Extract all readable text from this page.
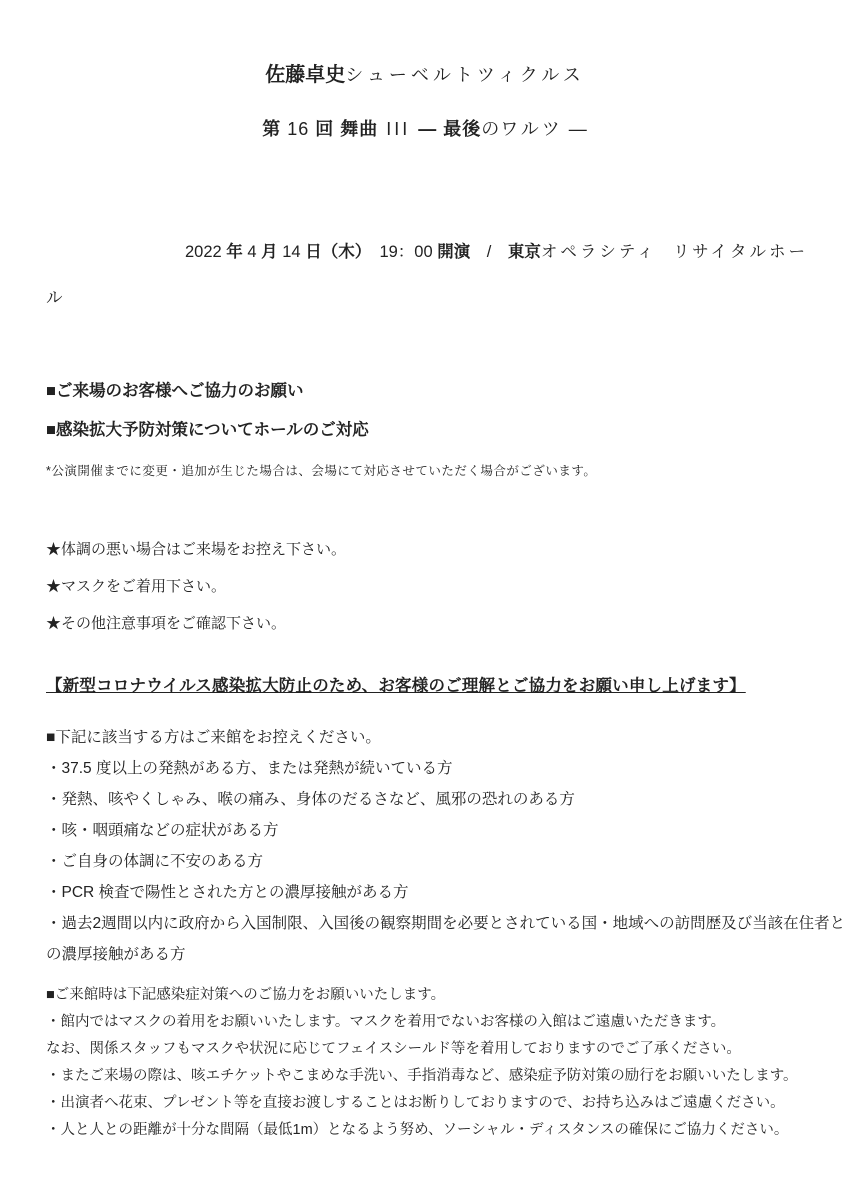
佐藤卓史シューベルトツィクルス
第 16 回 舞曲 III — 最後のワルツ —
2022 年 4 月 14 日（木）　19：00 開演　/　東京オペラシティ　 リサイタルホー
ル
■ご来場のお客様へご協力のお願い
■感染拡大予防対策についてホールのご対応
*公演開催までに変更・追加が生じた場合は、会場にて対応させていただく場合がございます。
★体調の悪い場合はご来場をお控え下さい。
★マスクをご着用下さい。
★その他注意事項をご確認下さい。
【新型コロナウイルス感染拡大防止のため、お客様のご理解とご協力をお願い申し上げます】
■下記に該当する方はご来館をお控えください。
・37.5 度以上の発熱がある方、または発熱が続いている方
・発熱、咳やくしゃみ、喉の痛み、身体のだるさなど、風邪の恐れのある方
・咳・咽頭痛などの症状がある方
・ご自身の体調に不安のある方
・PCR 検査で陽性とされた方との濃厚接触がある方
・過去2週間以内に政府から入国制限、入国後の観察期間を必要とされている国・地域への訪問歴及び当該在住者と
の濃厚接触がある方
■ご来館時は下記感染症対策へのご協力をお願いいたします。
・館内ではマスクの着用をお願いいたします。マスクを着用でないお客様の入館はご遠慮いただきます。
なお、関係スタッフもマスクや状況に応じてフェイスシールド等を着用しておりますのでご了承ください。
・またご来場の際は、咳エチケットやこまめな手洗い、手指消毒など、感染症予防対策の励行をお願いいたします。
・出演者へ花束、プレゼント等を直接お渡しすることはお断りしておりますので、お持ち込みはご遠慮ください。
・人と人との距離が十分な間隔（最低1m）となるよう努め、ソーシャル・ディスタンスの確保にご協力ください。
